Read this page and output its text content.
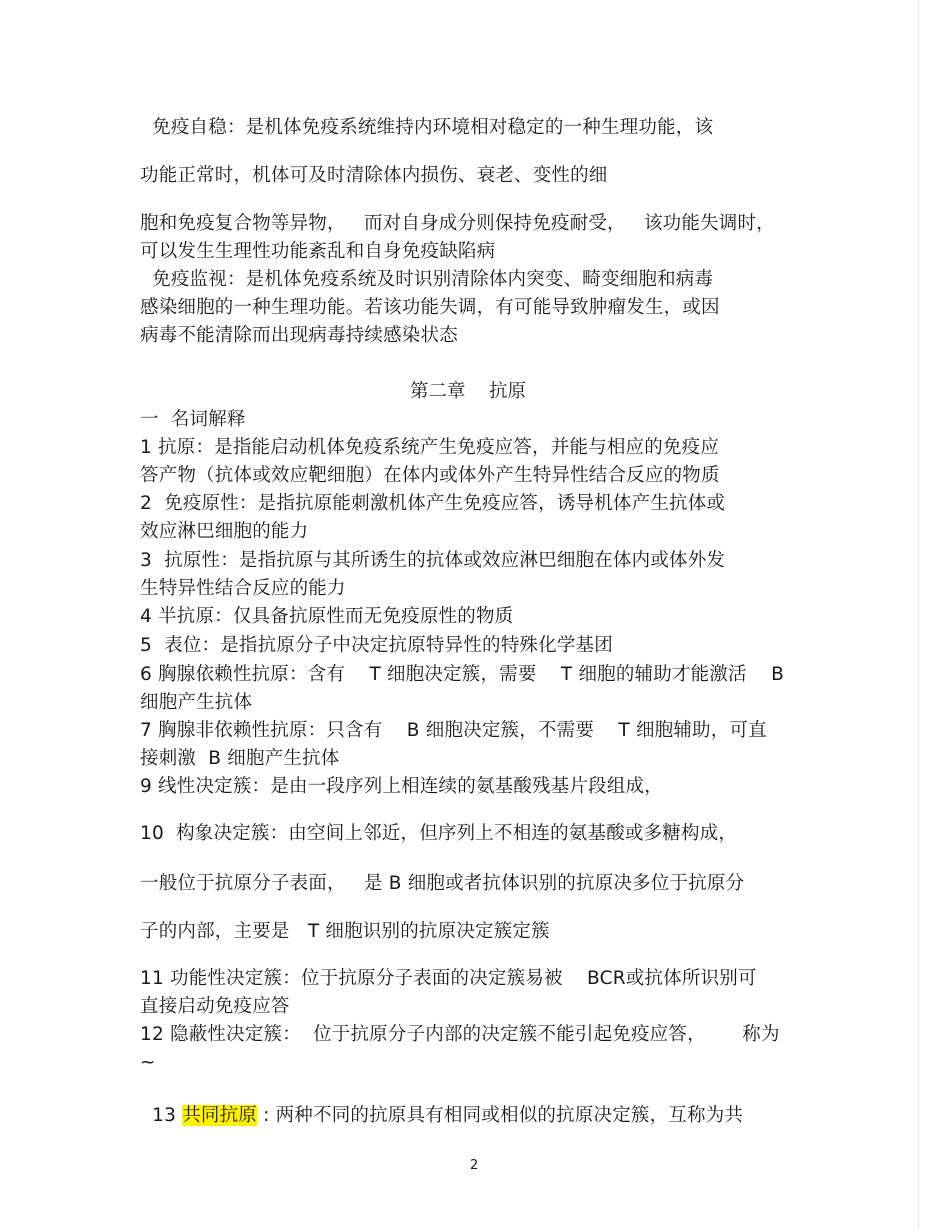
免疫自稳：是机体免疫系统维持内环境相对稳定的一种生理功能，该
功能正常时，机体可及时清除体内损伤、衰老、变性的细
胞和免疫复合物等异物，   而对自身成分则保持免疫耐受，   该功能失调时，
可以发生生理性功能紊乱和自身免疫缺陷病
免疫监视：是机体免疫系统及时识别清除体内突变、畸变细胞和病毒
感染细胞的一种生理功能。若该功能失调，有可能导致肿瘤发生，或因
病毒不能清除而出现病毒持续感染状态
第二章    抗原
一  名词解释
1 抗原：是指能启动机体免疫系统产生免疫应答，并能与相应的免疫应
答产物（抗体或效应靶细胞）在体内或体外产生特异性结合反应的物质
2  免疫原性：是指抗原能刺激机体产生免疫应答，诱导机体产生抗体或
效应淋巴细胞的能力
3  抗原性：是指抗原与其所诱生的抗体或效应淋巴细胞在体内或体外发
生特异性结合反应的能力
4 半抗原：仅具备抗原性而无免疫原性的物质
5  表位：是指抗原分子中决定抗原特异性的特殊化学基团
6 胸腺依赖性抗原：含有    T 细胞决定簇，需要    T 细胞的辅助才能激活    B
细胞产生抗体
7 胸腺非依赖性抗原：只含有    B 细胞决定簇，不需要    T 细胞辅助，可直
接刺激  B 细胞产生抗体
9 线性决定簇：是由一段序列上相连续的氨基酸残基片段组成，
10  构象决定簇：由空间上邻近，但序列上不相连的氨基酸或多糖构成，
一般位于抗原分子表面，   是 B 细胞或者抗体识别的抗原决多位于抗原分
子的内部，主要是   T 细胞识别的抗原决定簇定簇
11 功能性决定簇：位于抗原分子表面的决定簇易被    BCR或抗体所识别可
直接启动免疫应答
12 隐蔽性决定簇：  位于抗原分子内部的决定簇不能引起免疫应答，      称为
~

13 共同抗原 : 两种不同的抗原具有相同或相似的抗原决定簇，互称为共

2
